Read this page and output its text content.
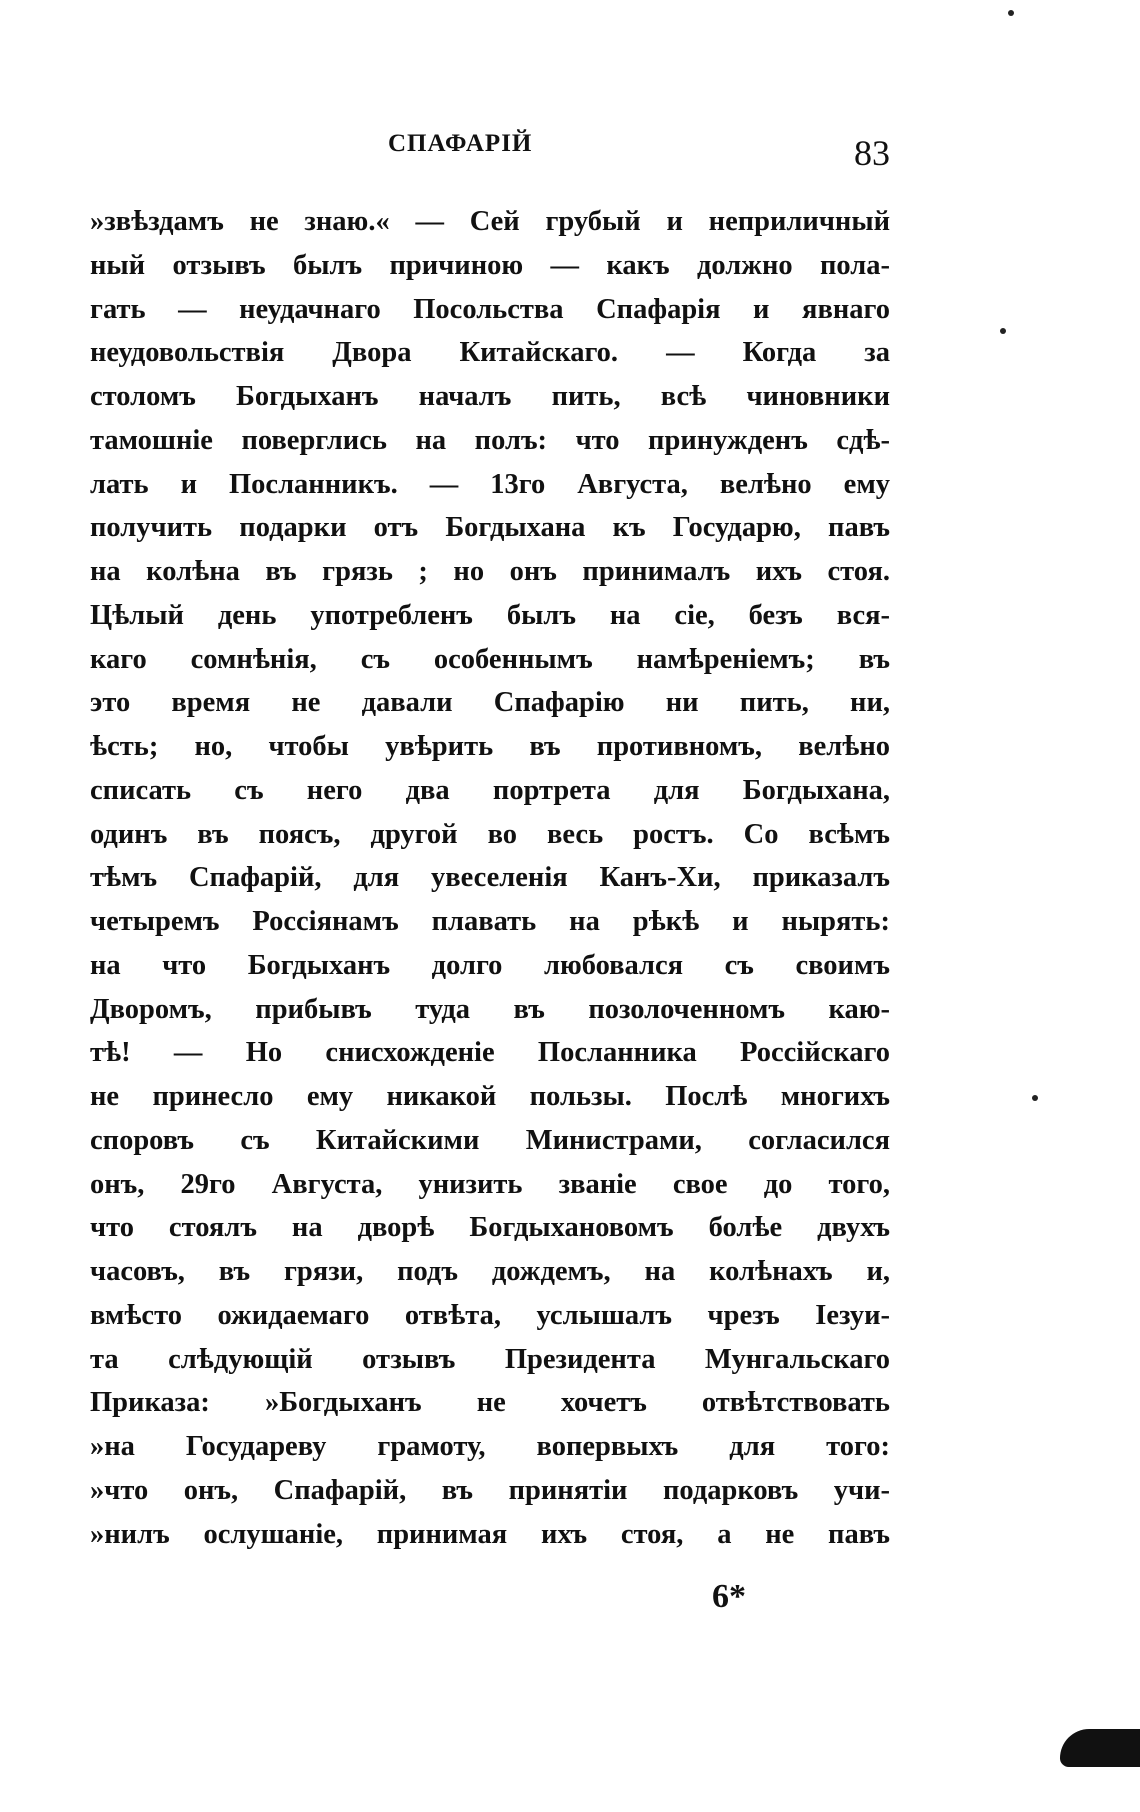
СПАФАРІЙ	83
»звѣздамъ не знаю.« — Сей грубый и неприличный
ный отзывъ былъ причиною — какъ должно пола-
гать — неудачнаго Посольства Спафарія и явнаго
неудовольствія Двора Китайскаго. — Когда за
столомъ Богдыханъ началъ пить, всѣ чиновники
тамошніе поверглись на полъ: что принужденъ сдѣ-
лать и Посланникъ. — 13го Августа, велѣно ему
получить подарки отъ Богдыхана къ Государю, павъ
на колѣна въ грязь ; но онъ принималъ ихъ стоя.
Цѣлый день употребленъ былъ на сіе, безъ вся-
каго сомнѣнія, съ особеннымъ намѣреніемъ; въ
это время не давали Спафарію ни пить, ни,
ѣсть; но, чтобы увѣрить въ противномъ, велѣно
списать съ него два портрета для Богдыхана,
одинъ въ поясъ, другой во весь ростъ. Со всѣмъ
тѣмъ Спафарій, для увеселенія Канъ-Хи, приказалъ
четыремъ Россіянамъ плавать на рѣкѣ и нырять:
на что Богдыханъ долго любовался съ своимъ
Дворомъ, прибывъ туда въ позолоченномъ каю-
тѣ! — Но снисхожденіе Посланника Россійскаго
не принесло ему никакой пользы. Послѣ многихъ
споровъ съ Китайскими Министрами, согласился
онъ, 29го Августа, унизить званіе свое до того,
что стоялъ на дворѣ Богдыхановомъ болѣе двухъ
часовъ, въ грязи, подъ дождемъ, на колѣнахъ и,
вмѣсто ожидаемаго отвѣта, услышалъ чрезъ Іезуи-
та слѣдующій отзывъ Президента Мунгальскаго
Приказа: »Богдыханъ не хочетъ отвѣтствовать
»на Государеву грамоту, вопервыхъ для того:
»что онъ, Спафарій, въ принятіи подарковъ учи-
»нилъ ослушаніе, принимая ихъ стоя, а не павъ
6*
